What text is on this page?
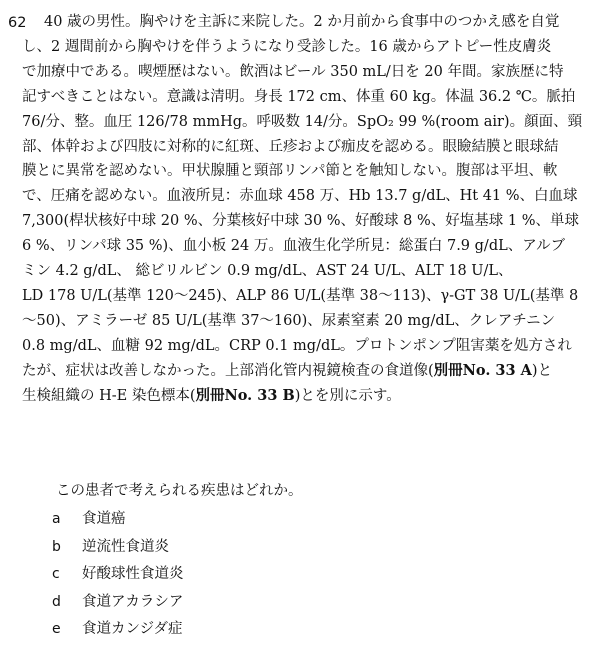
62 40 歳の男性。胸やけを主訴に来院した。2 か月前から食事中のつかえ感を自覚
し、2 週間前から胸やけを伴うようになり受診した。16 歳からアトピー性皮膚炎
で加療中である。喫煙歴はない。飲酒はビール 350 mL/日を 20 年間。家族歴に特
記すべきことはない。意識は清明。身長 172 cm、体重 60 kg。体温 36.2 ℃。脈拍
76/分、整。血圧 126/78 mmHg。呼吸数 14/分。SpO₂ 99 %(room air)。顔面、頸
部、体幹および四肢に対称的に紅斑、丘疹および痂皮を認める。眼瞼結膜と眼球結
膜とに異常を認めない。甲状腺腫と頸部リンパ節とを触知しない。腹部は平坦、軟
で、圧痛を認めない。血液所見：赤血球 458 万、Hb 13.7 g/dL、Ht 41 %、白血球
7,300(桿状核好中球 20 %、分葉核好中球 30 %、好酸球 8 %、好塩基球 1 %、単球
6 %、リンパ球 35 %)、血小板 24 万。血液生化学所見：総蛋白 7.9 g/dL、アルブ
ミン 4.2 g/dL、 総ビリルビン 0.9 mg/dL、AST 24 U/L、ALT 18 U/L、
LD 178 U/L(基準 120〜245)、ALP 86 U/L(基準 38〜113)、γ-GT 38 U/L(基準 8
〜50)、アミラーゼ 85 U/L(基準 37〜160)、尿素窒素 20 mg/dL、クレアチニン
0.8 mg/dL、血糖 92 mg/dL。CRP 0.1 mg/dL。プロトンポンプ阻害薬を処方され
たが、症状は改善しなかった。上部消化管内視鏡検査の食道像(別冊No. 33 A)と
生検組織の H-E 染色標本(別冊No. 33 B)とを別に示す。
この患者で考えられる疾患はどれか。
a 食道癌
b 逆流性食道炎
c 好酸球性食道炎
d 食道アカラシア
e 食道カンジダ症
